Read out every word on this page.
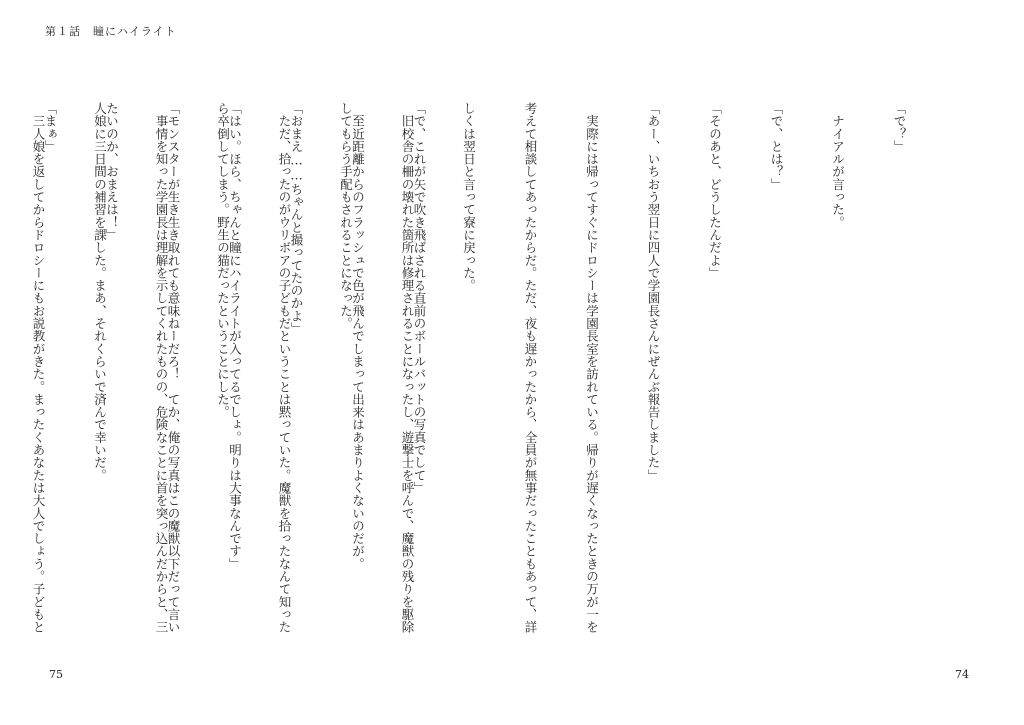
第１話　瞳にハイライト

「で？」

　ナイアルが言った。

「で、とは？」

「そのあと、どうしたんだよ」

「あー、いちおう翌日に四人で学園長さんにぜんぶ報告しました」

　実際には帰ってすぐにドロシーは学園長室を訪れている。帰りが遅くなったときの万が一を

考えて相談してあったからだ。ただ、夜も遅かったから、全員が無事だったこともあって、詳

しくは翌日と言って寮に戻った。

　旧校舎の柵の壊れた箇所は修理されることになったし、遊撃士を呼んで、魔獣の残りを駆除

してもらう手配もされることになった。

　ただ、拾ったのがウリボアの子どもだということは黙っていた。魔獣を拾ったなんて知った

ら卒倒してしまう。野生の猫だったということにした。

　事情を知った学園長は理解を示してくれたものの、危険なことに首を突っ込んだからと、三

人娘に三日間の補習を課した。まあ、それくらいで済んで幸いだ。

　三人娘を返してからドロシーにもお説教がきた。まったくあなたは大人でしょう。子どもと

	「で、これが矢で吹き飛ばされる直前のボールバットの写真でして」

　至近距離からのフラッシュで色が飛んでしまって出来はあまりよくないのだが。

「おまえ……ちゃんと撮ってたのかよ」

「はい。ほら、ちゃんと瞳にハイライトが入ってるでしょ。明りは大事なんです」

「モンスターが生き生き取れても意味ねーだろ！　てか、俺の写真はこの魔獣以下だって言い

たいのか、おまえは！」

「まぁ」

75	74
